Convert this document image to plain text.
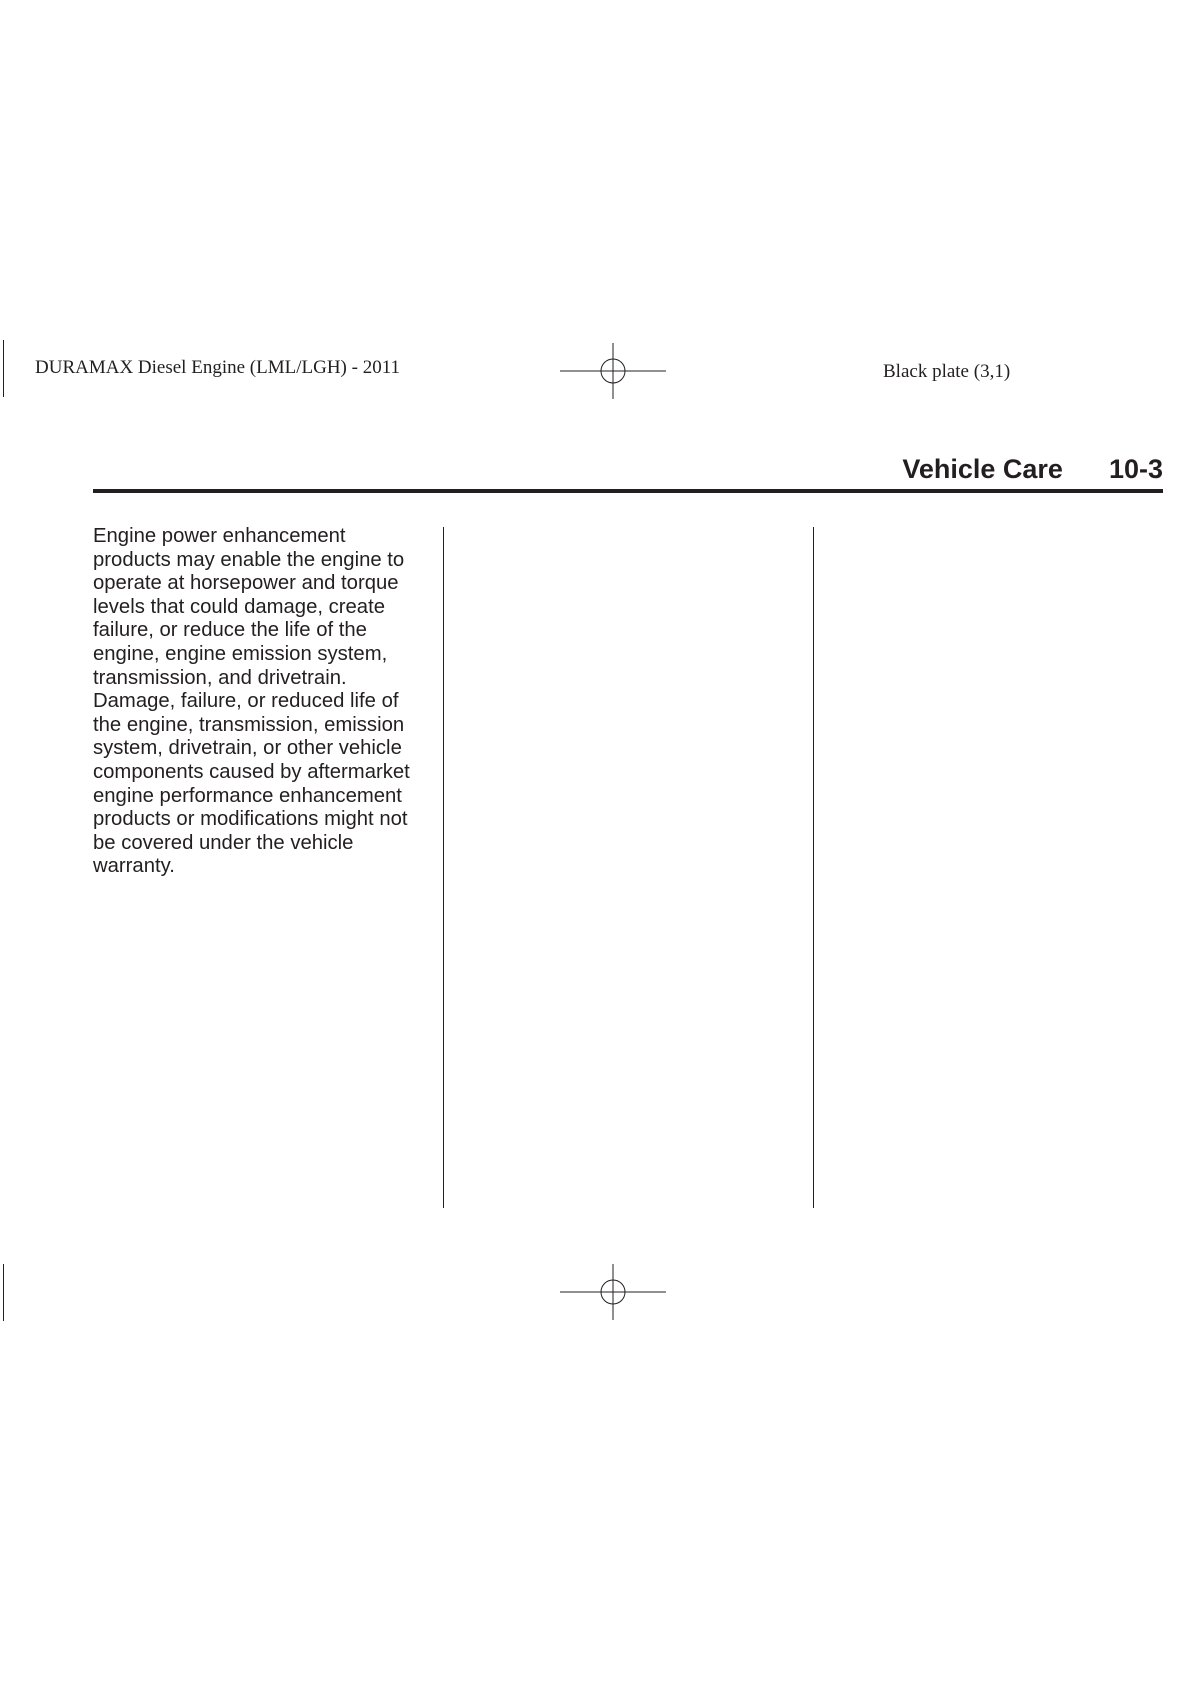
DURAMAX Diesel Engine (LML/LGH) - 2011	Black plate (3,1)
Vehicle Care 10-3

Engine power enhancement products may enable the engine to operate at horsepower and torque levels that could damage, create failure, or reduce the life of the engine, engine emission system, transmission, and drivetrain. Damage, failure, or reduced life of the engine, transmission, emission system, drivetrain, or other vehicle components caused by aftermarket engine performance enhancement products or modifications might not be covered under the vehicle warranty.
